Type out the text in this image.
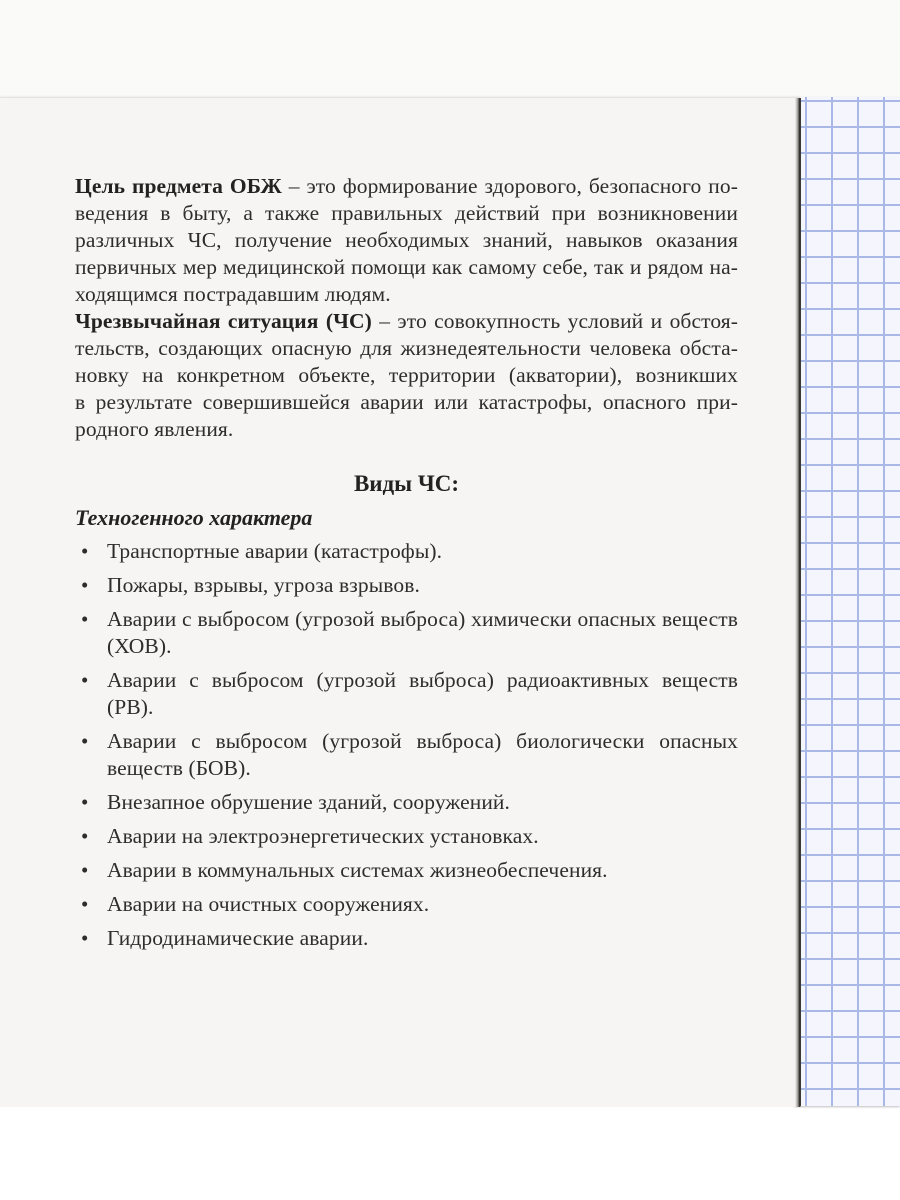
Цель предмета ОБЖ – это формирование здорового, безопасного по-
ведения в быту, а также правильных действий при возникновении
различных ЧС, получение необходимых знаний, навыков оказания
первичных мер медицинской помощи как самому себе, так и рядом на-
ходящимся пострадавшим людям.
Чрезвычайная ситуация (ЧС) – это совокупность условий и обстоя-
тельств, создающих опасную для жизнедеятельности человека обста-
новку на конкретном объекте, территории (акватории), возникших
в результате совершившейся аварии или катастрофы, опасного при-
родного явления.
Виды ЧС:
Техногенного характера
• Транспортные аварии (катастрофы).
• Пожары, взрывы, угроза взрывов.
• Аварии с выбросом (угрозой выброса) химически опасных веществ
(ХОВ).
• Аварии с выбросом (угрозой выброса) радиоактивных веществ
(РВ).
• Аварии с выбросом (угрозой выброса) биологически опасных
веществ (БОВ).
• Внезапное обрушение зданий, сооружений.
• Аварии на электроэнергетических установках.
• Аварии в коммунальных системах жизнеобеспечения.
• Аварии на очистных сооружениях.
• Гидродинамические аварии.
